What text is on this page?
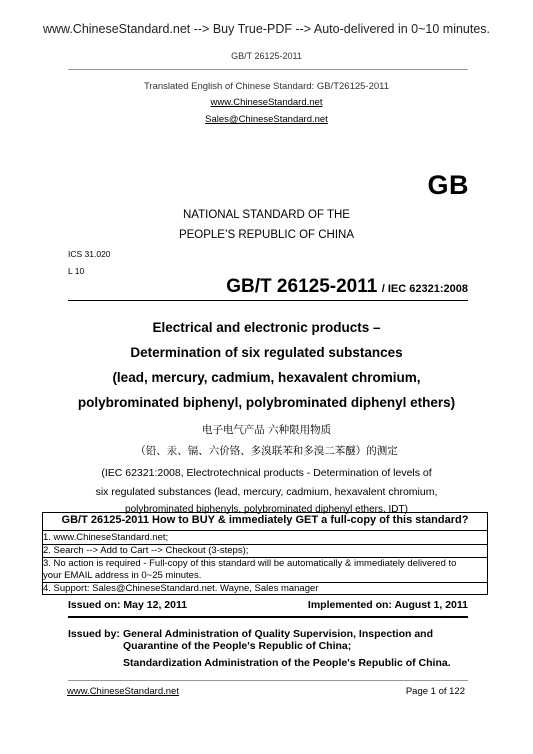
www.ChineseStandard.net --> Buy True-PDF --> Auto-delivered in 0~10 minutes.
GB/T 26125-2011
Translated English of Chinese Standard: GB/T26125-2011
www.ChineseStandard.net
Sales@ChineseStandard.net
GB
NATIONAL STANDARD OF THE
PEOPLE’S REPUBLIC OF CHINA
ICS 31.020
L 10
GB/T 26125-2011 / IEC 62321:2008
Electrical and electronic products –
Determination of six regulated substances
(lead, mercury, cadmium, hexavalent chromium,
polybrominated biphenyl, polybrominated diphenyl ethers)
电子电气产品 六种限用物质
（铅、汞、镉、六价铬、多溴联苯和多溴二苯醚）的测定
(IEC 62321:2008, Electrotechnical products - Determination of levels of
six regulated substances (lead, mercury, cadmium, hexavalent chromium,
polybrominated biphenyls, polybrominated diphenyl ethers, IDT)
GB/T 26125-2011 How to BUY & immediately GET a full-copy of this standard?
1. www.ChineseStandard.net;
2. Search --> Add to Cart --> Checkout (3-steps);
3. No action is required - Full-copy of this standard will be automatically & immediately delivered to
your EMAIL address in 0~25 minutes.
4. Support: Sales@ChineseStandard.net. Wayne, Sales manager
Issued on: May 12, 2011	Implemented on: August 1, 2011
Issued by: General Administration of Quality Supervision, Inspection and
Quarantine of the People's Republic of China;
Standardization Administration of the People's Republic of China.
www.ChineseStandard.net	Page 1 of 122
